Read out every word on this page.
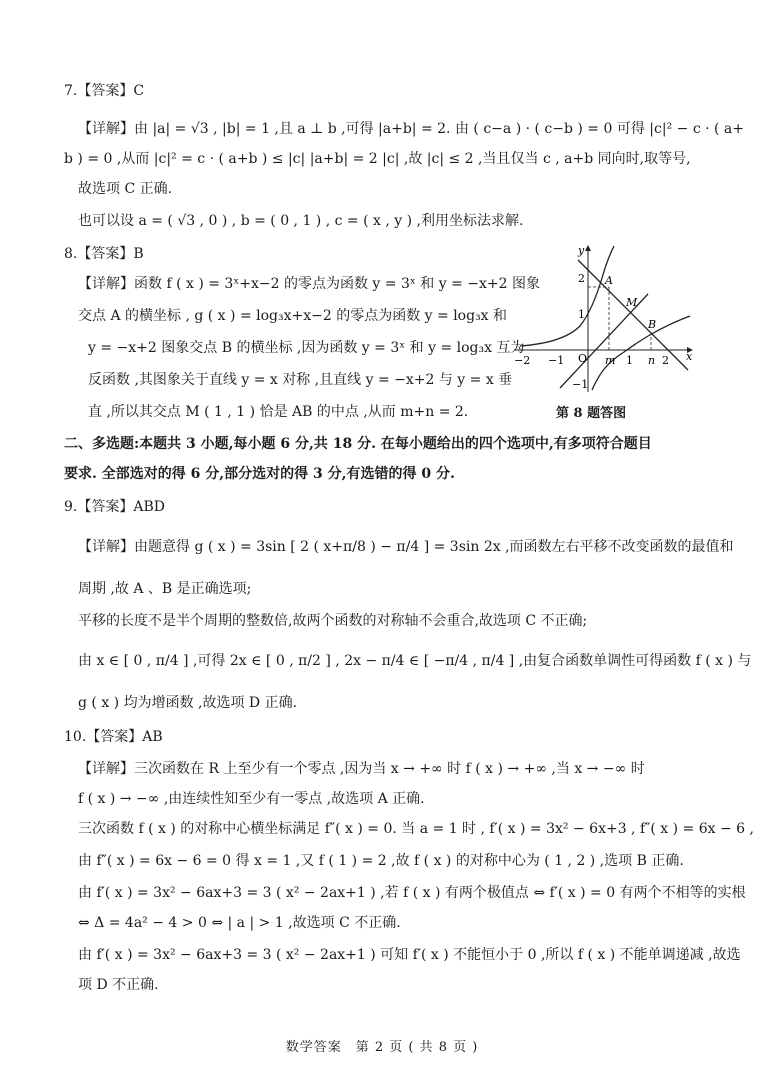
7.【答案】C
【详解】由 |a| = √3 , |b| = 1 ,且 a ⊥ b ,可得 |a+b| = 2. 由 ( c−a ) · ( c−b ) = 0 可得 |c|² − c · ( a+
b ) = 0 ,从而 |c|² = c · ( a+b ) ≤ |c| |a+b| = 2 |c| ,故 |c| ≤ 2 ,当且仅当 c , a+b 同向时,取等号,
故选项 C 正确.
也可以设 a = ( √3 , 0 ) , b = ( 0 , 1 ) , c = ( x , y ) ,利用坐标法求解.
8.【答案】B
【详解】函数 f ( x ) = 3ˣ+x−2 的零点为函数 y = 3ˣ 和 y = −x+2 图象
交点 A 的横坐标 , g ( x ) = log₃x+x−2 的零点为函数 y = log₃x 和
y = −x+2 图象交点 B 的横坐标 ,因为函数 y = 3ˣ 和 y = log₃x 互为
反函数 ,其图象关于直线 y = x 对称 ,且直线 y = −x+2 与 y = x 垂
直 ,所以其交点 M ( 1 , 1 ) 恰是 AB 的中点 ,从而 m+n = 2.
y
x
O
A
M
B
m	n
2
1
−1
−2 −1	1	2
第 8 题答图
二、多选题:本题共 3 小题,每小题 6 分,共 18 分. 在每小题给出的四个选项中,有多项符合题目
要求. 全部选对的得 6 分,部分选对的得 3 分,有选错的得 0 分.
9.【答案】ABD
【详解】由题意得 g ( x ) = 3sin [ 2 ( x+π/8 ) − π/4 ] = 3sin 2x ,而函数左右平移不改变函数的最值和
周期 ,故 A 、B 是正确选项;
平移的长度不是半个周期的整数倍,故两个函数的对称轴不会重合,故选项 C 不正确;
由 x ∈ [ 0 , π/4 ] ,可得 2x ∈ [ 0 , π/2 ] , 2x − π/4 ∈ [ −π/4 , π/4 ] ,由复合函数单调性可得函数 f ( x ) 与
g ( x ) 均为增函数 ,故选项 D 正确.
10.【答案】AB
【详解】三次函数在 R 上至少有一个零点 ,因为当 x → +∞ 时 f ( x ) → +∞ ,当 x → −∞ 时
f ( x ) → −∞ ,由连续性知至少有一零点 ,故选项 A 正确.
三次函数 f ( x ) 的对称中心横坐标满足 f″( x ) = 0. 当 a = 1 时 , f′( x ) = 3x² − 6x+3 , f″( x ) = 6x − 6 ,
由 f″( x ) = 6x − 6 = 0 得 x = 1 ,又 f ( 1 ) = 2 ,故 f ( x ) 的对称中心为 ( 1 , 2 ) ,选项 B 正确.
由 f′( x ) = 3x² − 6ax+3 = 3 ( x² − 2ax+1 ) ,若 f ( x ) 有两个极值点 ⇔ f′( x ) = 0 有两个不相等的实根
⇔ Δ = 4a² − 4 > 0 ⇔ | a | > 1 ,故选项 C 不正确.
由 f′( x ) = 3x² − 6ax+3 = 3 ( x² − 2ax+1 ) 可知 f′( x ) 不能恒小于 0 ,所以 f ( x ) 不能单调递减 ,故选
项 D 不正确.
数学答案　第 2 页 ( 共 8 页 )
